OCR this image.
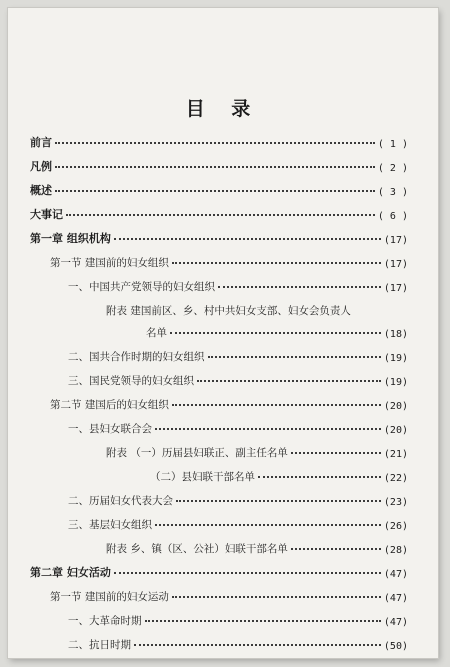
目 录
前言	( 1 )
凡例	( 2 )
概述	( 3 )
大事记	( 6 )
第一章 组织机构	(17)
第一节 建国前的妇女组织	(17)
一、中国共产党领导的妇女组织	(17)
附表 建国前区、乡、村中共妇女支部、妇女会负责人
名单	(18)
二、国共合作时期的妇女组织	(19)
三、国民党领导的妇女组织	(19)
第二节 建国后的妇女组织	(20)
一、县妇女联合会	(20)
附表 （一）历届县妇联正、副主任名单	(21)
（二）县妇联干部名单	(22)
二、历届妇女代表大会	(23)
三、基层妇女组织	(26)
附表 乡、镇（区、公社）妇联干部名单	(28)
第二章 妇女活动	(47)
第一节 建国前的妇女运动	(47)
一、大革命时期	(47)
二、抗日时期	(50)
